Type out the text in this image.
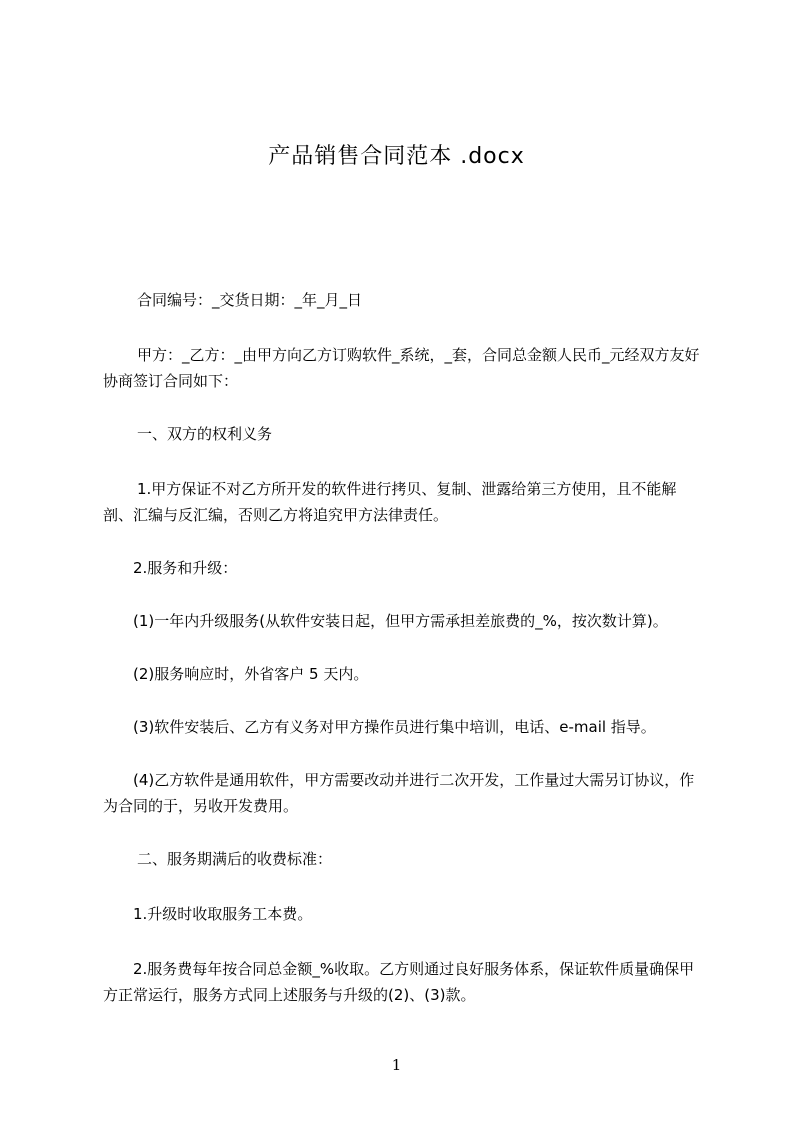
产品销售合同范本 .docx

合同编号：_交货日期：_年_月_日

甲方：_乙方：_由甲方向乙方订购软件_系统，_套，合同总金额人民币_元经双方友好协商签订合同如下：

一、双方的权利义务

1.甲方保证不对乙方所开发的软件进行拷贝、复制、泄露给第三方使用，且不能解剖、汇编与反汇编，否则乙方将追究甲方法律责任。

2.服务和升级：

(1)一年内升级服务(从软件安装日起，但甲方需承担差旅费的_%，按次数计算)。

(2)服务响应时，外省客户 5 天内。

(3)软件安装后、乙方有义务对甲方操作员进行集中培训，电话、e-mail 指导。

(4)乙方软件是通用软件，甲方需要改动并进行二次开发，工作量过大需另订协议，作为合同的于，另收开发费用。

二、服务期满后的收费标准：

1.升级时收取服务工本费。

2.服务费每年按合同总金额_%收取。乙方则通过良好服务体系，保证软件质量确保甲方正常运行，服务方式同上述服务与升级的(2)、(3)款。

1
